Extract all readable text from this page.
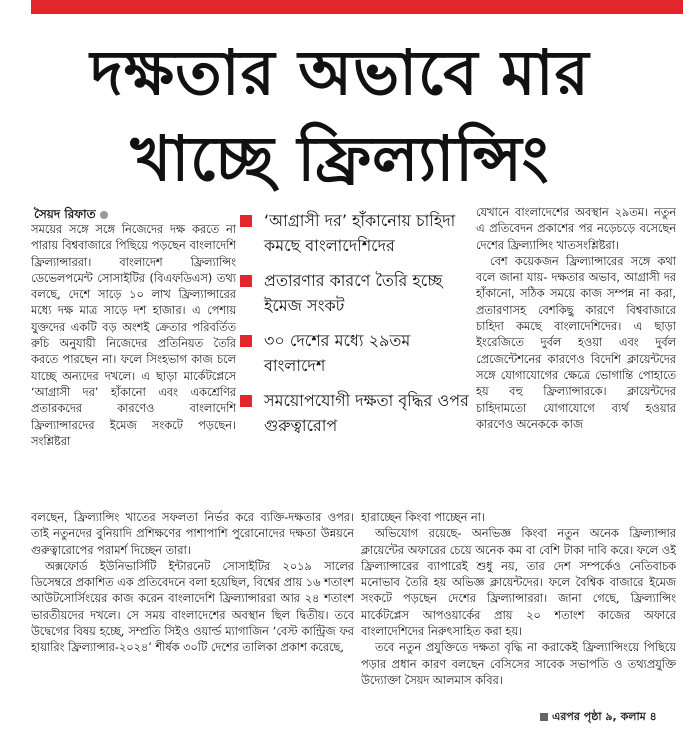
দক্ষতার অভাবে মার
খাচ্ছে ফ্রিল্যান্সিং
সৈয়দ রিফাত

সময়ের সঙ্গে সঙ্গে নিজেদের দক্ষ করতে না পারায় বিশ্ববাজারে পিছিয়ে পড়ছেন বাংলাদেশি ফ্রিল্যান্সাররা। বাংলাদেশ ফ্রিল্যান্সিং ডেভেলপমেন্ট সোসাইটির (বিএফডিএস) তথ্য বলছে, দেশে সাড়ে ১০ লাখ ফ্রিল্যান্সারের মধ্যে দক্ষ মাত্র সাড়ে দশ হাজার। এ পেশায় যুক্তদের একটি বড় অংশই ক্রেতার পরিবর্তিত রুচি অনুযায়ী নিজেদের প্রতিনিয়ত তৈরি করতে পারছেন না। ফলে সিংহভাগ কাজ চলে যাচ্ছে অন্যদের দখলে। এ ছাড়া মার্কেটপ্লেসে ‘আগ্রাসী দর’ হাঁকানো এবং একশ্রেণির প্রতারকদের কারণেও বাংলাদেশি ফ্রিল্যান্সারদের ইমেজ সংকটে পড়ছেন। সংশ্লিষ্টরা

‘আগ্রাসী দর’ হাঁকানোয় চাহিদা কমছে বাংলাদেশিদের
প্রতারণার কারণে তৈরি হচ্ছে ইমেজ সংকট
৩০ দেশের মধ্যে ২৯তম বাংলাদেশ
সময়োপযোগী দক্ষতা বৃদ্ধির ওপর গুরুত্বারোপ

যেখানে বাংলাদেশের অবস্থান ২৯তম। নতুন এ প্রতিবেদন প্রকাশের পর নড়েচড়ে বসেছেন দেশের ফ্রিল্যান্সিং খাতসংশ্লিষ্টরা।

বেশ কয়েকজন ফ্রিল্যান্সারের সঙ্গে কথা বলে জানা যায়- দক্ষতার অভাব, আগ্রাসী দর হাঁকানো, সঠিক সময়ে কাজ সম্পন্ন না করা, প্রতারণাসহ বেশকিছু কারণে বিশ্ববাজারে চাহিদা কমছে বাংলাদেশিদের। এ ছাড়া ইংরেজিতে দুর্বল হওয়া এবং দুর্বল প্রেজেন্টেশনের কারণেও বিদেশি ক্লায়েন্টদের সঙ্গে যোগাযোগের ক্ষেত্রে ভোগান্তি পোহাতে হয় বহু ফ্রিল্যান্সারকে। ক্লায়েন্টদের চাহিদামতো যোগাযোগে ব্যর্থ হওয়ার কারণেও অনেককে কাজ

বলছেন, ফ্রিল্যান্সিং খাতের সফলতা নির্ভর করে ব্যক্তি-দক্ষতার ওপর। তাই নতুনদের বুনিয়াদি প্রশিক্ষণের পাশাপাশি পুরোনোদের দক্ষতা উন্নয়নে গুরুত্বারোপের পরামর্শ দিচ্ছেন তারা।

অক্সফোর্ড ইউনিভার্সিটি ইন্টারনেট সোসাইটির ২০১৯ সালের ডিসেম্বরে প্রকাশিত এক প্রতিবেদনে বলা হয়েছিল, বিশ্বের প্রায় ১৬ শতাংশ আউটসোর্সিংয়ের কাজ করেন বাংলাদেশি ফ্রিল্যান্সাররা আর ২৪ শতাংশ ভারতীয়দের দখলে। সে সময় বাংলাদেশের অবস্থান ছিল দ্বিতীয়। তবে উদ্বেগের বিষয় হচ্ছে, সম্প্রতি সিইও ওয়ার্ল্ড ম্যাগাজিন ‘বেস্ট কান্ট্রিজ ফর হায়ারিং ফ্রিল্যান্সার-২০২৪’ শীর্ষক ৩০টি দেশের তালিকা প্রকাশ করেছে,

হারাচ্ছেন কিংবা পাচ্ছেন না।

অভিযোগ রয়েছে- অনভিজ্ঞ কিংবা নতুন অনেক ফ্রিল্যান্সার ক্লায়েন্টের অফারের চেয়ে অনেক কম বা বেশি টাকা দাবি করে। ফলে ওই ফ্রিল্যান্সারের ব্যাপারেই শুধু নয়, তার দেশ সম্পর্কেও নেতিবাচক মনোভাব তৈরি হয় অভিজ্ঞ ক্লায়েন্টদের। ফলে বৈশ্বিক বাজারে ইমেজ সংকটে পড়ছেন দেশের ফ্রিল্যান্সাররা। জানা গেছে, ফ্রিল্যান্সিং মার্কেটপ্লেস আপওয়ার্কের প্রায় ২০ শতাংশ কাজের অফারে বাংলাদেশিদের নিরুৎসাহিত করা হয়।

তবে নতুন প্রযুক্তিতে দক্ষতা বৃদ্ধি না করাকেই ফ্রিল্যান্সিংয়ে পিছিয়ে পড়ার প্রধান কারণ বলছেন বেসিসের সাবেক সভাপতি ও তথ্যপ্রযুক্তি উদ্যোক্তা সৈয়দ আলমাস কবির।

এরপর পৃষ্ঠা ৯, কলাম ৪
